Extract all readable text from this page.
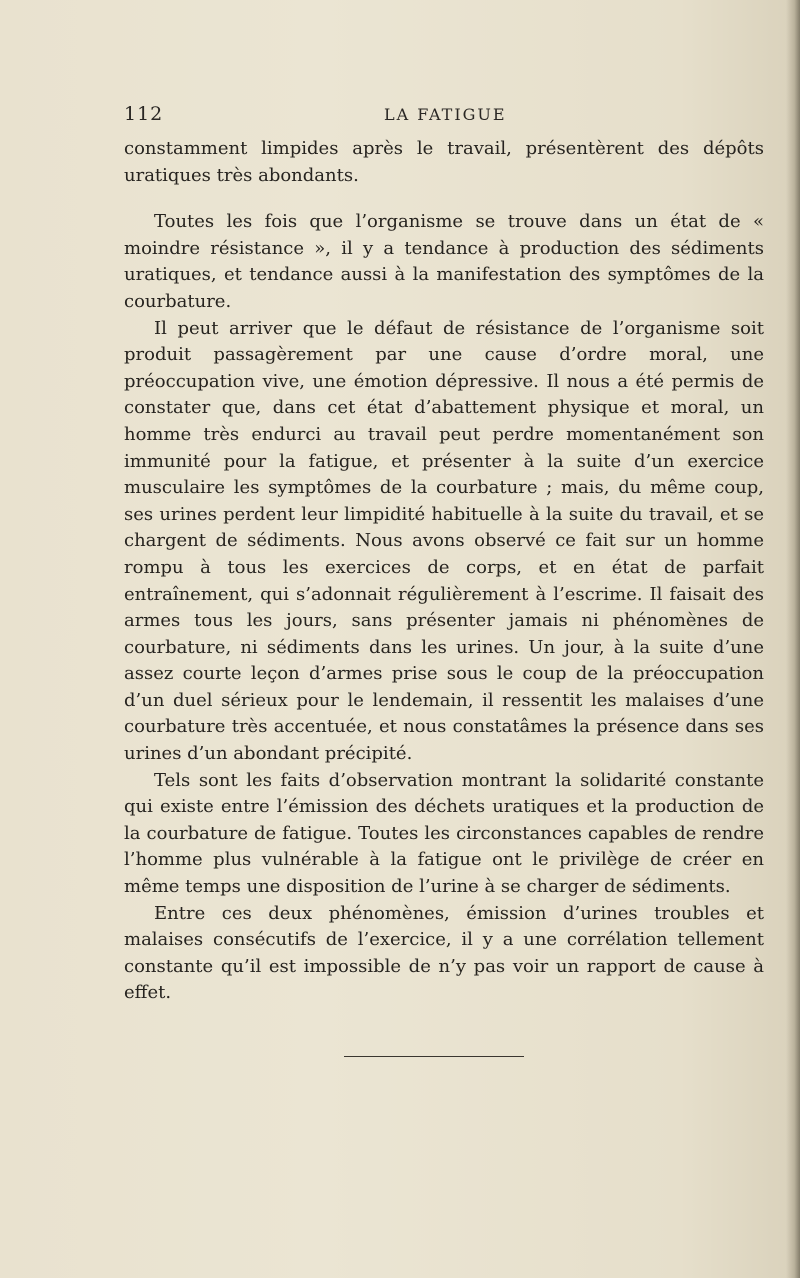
112	LA FATIGUE

constamment limpides après le travail, présentèrent des dépôts uratiques très abondants.

Toutes les fois que l’organisme se trouve dans un état de « moindre résistance », il y a tendance à production des sédiments uratiques, et tendance aussi à la manifestation des symptômes de la courbature.

Il peut arriver que le défaut de résistance de l’organisme soit produit passagèrement par une cause d’ordre moral, une préoccupation vive, une émotion dépressive. Il nous a été permis de constater que, dans cet état d’abattement physique et moral, un homme très endurci au travail peut perdre momentanément son immunité pour la fatigue, et présenter à la suite d’un exercice musculaire les symptômes de la courbature ; mais, du même coup, ses urines perdent leur limpidité habituelle à la suite du travail, et se chargent de sédiments. Nous avons observé ce fait sur un homme rompu à tous les exercices de corps, et en état de parfait entraînement, qui s’adonnait régulièrement à l’escrime. Il faisait des armes tous les jours, sans présenter jamais ni phénomènes de courbature, ni sédiments dans les urines. Un jour, à la suite d’une assez courte leçon d’armes prise sous le coup de la préoccupation d’un duel sérieux pour le lendemain, il ressentit les malaises d’une courbature très accentuée, et nous constatâmes la présence dans ses urines d’un abondant précipité.

Tels sont les faits d’observation montrant la solidarité constante qui existe entre l’émission des déchets uratiques et la production de la courbature de fatigue. Toutes les circonstances capables de rendre l’homme plus vulnérable à la fatigue ont le privilège de créer en même temps une disposition de l’urine à se charger de sédiments.

Entre ces deux phénomènes, émission d’urines troubles et malaises consécutifs de l’exercice, il y a une corrélation tellement constante qu’il est impossible de n’y pas voir un rapport de cause à effet.
